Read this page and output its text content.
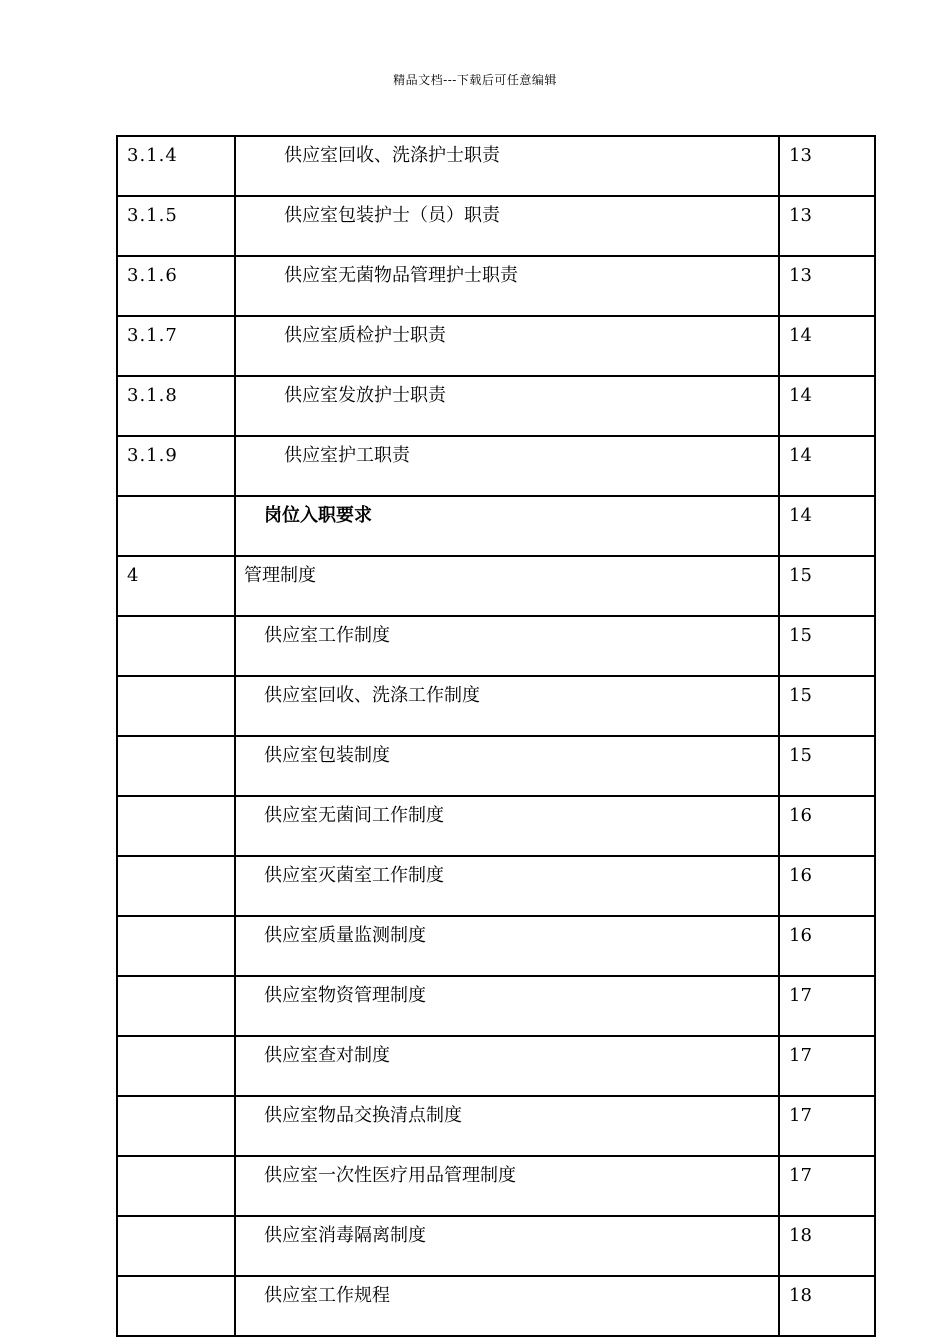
精品文档---下载后可任意编辑
3.1.4	供应室回收、洗涤护士职责	13
3.1.5	供应室包装护士（员）职责	13
3.1.6	供应室无菌物品管理护士职责	13
3.1.7	供应室质检护士职责	14
3.1.8	供应室发放护士职责	14
3.1.9	供应室护工职责	14
	岗位入职要求	14
4	管理制度	15
	供应室工作制度	15
	供应室回收、洗涤工作制度	15
	供应室包装制度	15
	供应室无菌间工作制度	16
	供应室灭菌室工作制度	16
	供应室质量监测制度	16
	供应室物资管理制度	17
	供应室查对制度	17
	供应室物品交换清点制度	17
	供应室一次性医疗用品管理制度	17
	供应室消毒隔离制度	18
	供应室工作规程	18
